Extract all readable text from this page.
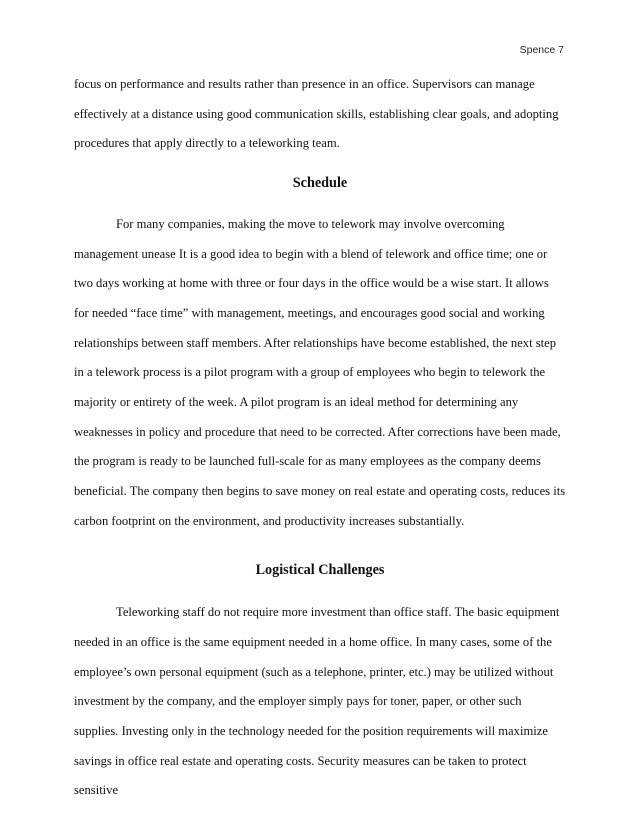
Spence 7

focus on performance and results rather than presence in an office. Supervisors can manage effectively at a distance using good communication skills, establishing clear goals, and adopting procedures that apply directly to a teleworking team.

Schedule

For many companies, making the move to telework may involve overcoming management unease It is a good idea to begin with a blend of telework and office time; one or two days working at home with three or four days in the office would be a wise start. It allows for needed “face time” with management, meetings, and encourages good social and working relationships between staff members. After relationships have become established, the next step in a telework process is a pilot program with a group of employees who begin to telework the majority or entirety of the week. A pilot program is an ideal method for determining any weaknesses in policy and procedure that need to be corrected. After corrections have been made, the program is ready to be launched full-scale for as many employees as the company deems beneficial. The company then begins to save money on real estate and operating costs, reduces its carbon footprint on the environment, and productivity increases substantially.

Logistical Challenges

Teleworking staff do not require more investment than office staff. The basic equipment needed in an office is the same equipment needed in a home office. In many cases, some of the employee’s own personal equipment (such as a telephone, printer, etc.) may be utilized without investment by the company, and the employer simply pays for toner, paper, or other such supplies. Investing only in the technology needed for the position requirements will maximize savings in office real estate and operating costs. Security measures can be taken to protect sensitive
